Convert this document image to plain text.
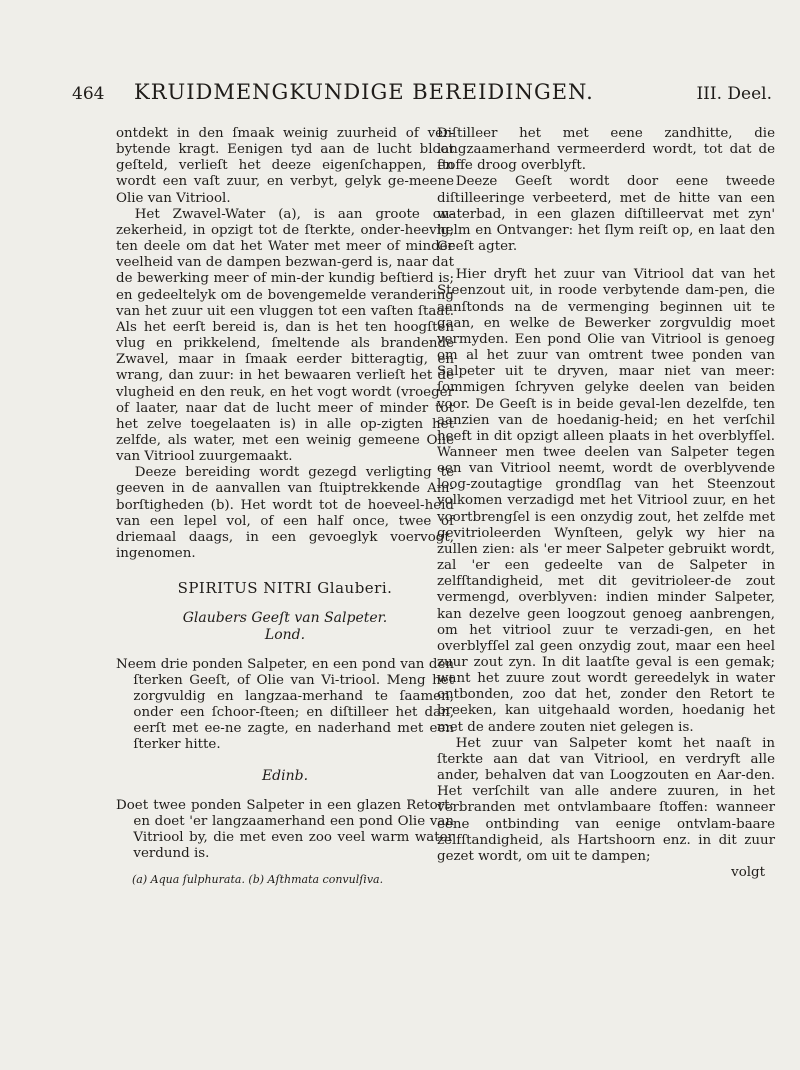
464 KRUIDMENGKUNDIGE BEREIDINGEN.	III. Deel.

ontdekt in den ſmaak weinig zuurheid of ver-bytende kragt. Eenigen tyd aan de lucht bloot geſteld, verlieſt het deeze eigenſchappen, en wordt een vaſt zuur, en verbyt, gelyk ge-meene Olie van Vitriool.

Het Zwavel-Water (a), is aan groote on-zekerheid, in opzigt tot de ſterkte, onder-heevig; ten deele om dat het Water met meer of minder veelheid van de dampen bezwan-gerd is, naar dat de bewerking meer of min-der kundig beſtierd is; en gedeeltelyk om de bovengemelde verandering van het zuur uit een vluggen tot een vaſten ſtaat. Als het eerſt bereid is, dan is het ten hoogſten vlug en prikkelend, ſmeltende als brandende Zwavel, maar in ſmaak eerder bitteragtig, en wrang, dan zuur: in het bewaaren verlieſt het de vlugheid en den reuk, en het vogt wordt (vroeger of laater, naar dat de lucht meer of minder tot het zelve toegelaaten is) in alle op-zigten het zelfde, als water, met een weinig gemeene Olie van Vitriool zuurgemaakt.

Deeze bereiding wordt gezegd verligting te geeven in de aanvallen van ſtuiptrekkende Am-borſtigheden (b). Het wordt tot de hoeveel-heid van een lepel vol, of een half once, twee of driemaal daags, in een gevoeglyk voervogt, ingenomen.

SPIRITUS NITRI Glauberi.

Glaubers Geeſt van Salpeter.

Lond.

Neem drie ponden Salpeter, en een pond van den ſterken Geeſt, of Olie van Vi-triool. Meng het zorgvuldig en langzaa-merhand te ſaamen, onder een ſchoor-ſteen; en diſtilleer het dan, eerſt met ee-ne zagte, en naderhand met een ſterker hitte.

Edinb.

Doet twee ponden Salpeter in een glazen Retort; en doet 'er langzaamerhand een pond Olie van Vitriool by, die met even zoo veel warm water verdund is.

(a) Aqua ſulphurata. (b) Aſthmata convulſiva.

Diſtilleer het met eene zandhitte, die langzaamerhand vermeerderd wordt, tot dat de ſtoffe droog overblyft.

Deeze Geeſt wordt door eene tweede diſtilleeringe verbeeterd, met de hitte van een waterbad, in een glazen diſtilleervat met zyn' helm en Ontvanger: het ſlym reiſt op, en laat den Geeſt agter.

Hier dryft het zuur van Vitriool dat van het Steenzout uit, in roode verbytende dam-pen, die aanſtonds na de vermenging beginnen uit te gaan, en welke de Bewerker zorgvuldig moet vermyden. Een pond Olie van Vitriool is genoeg om al het zuur van omtrent twee ponden van Salpeter uit te dryven, maar niet van meer: ſommigen ſchryven gelyke deelen van beiden voor. De Geeſt is in beide geval-len dezelfde, ten aanzien van de hoedanig-heid; en het verſchil heeft in dit opzigt alleen plaats in het overblyfſel. Wanneer men twee deelen van Salpeter tegen een van Vitriool neemt, wordt de overblyvende loog-zoutagtige grondſlag van het Steenzout volkomen verzadigd met het Vitriool zuur, en het voortbrengſel is een onzydig zout, het zelfde met gevitrioleerden Wynſteen, gelyk wy hier na zullen zien: als 'er meer Salpeter gebruikt wordt, zal 'er een gedeelte van de Salpeter in zelfſtandigheid, met dit gevitrioleer-de zout vermengd, overblyven: indien minder Salpeter, kan dezelve geen loogzout genoeg aanbrengen, om het vitriool zuur te verzadi-gen, en het overblyfſel zal geen onzydig zout, maar een heel zuur zout zyn. In dit laatſte geval is een gemak; want het zuure zout wordt gereedelyk in water ontbonden, zoo dat het, zonder den Retort te breeken, kan uitgehaald worden, hoedanig het met de andere zouten niet gelegen is.

Het zuur van Salpeter komt het naaſt in ſterkte aan dat van Vitriool, en verdryft alle ander, behalven dat van Loogzouten en Aar-den. Het verſchilt van alle andere zuuren, in het verbranden met ontvlambaare ſtoffen: wanneer eene ontbinding van eenige ontvlam-baare zelfſtandigheid, als Hartshoorn enz. in dit zuur gezet wordt, om uit te dampen;

volgt
